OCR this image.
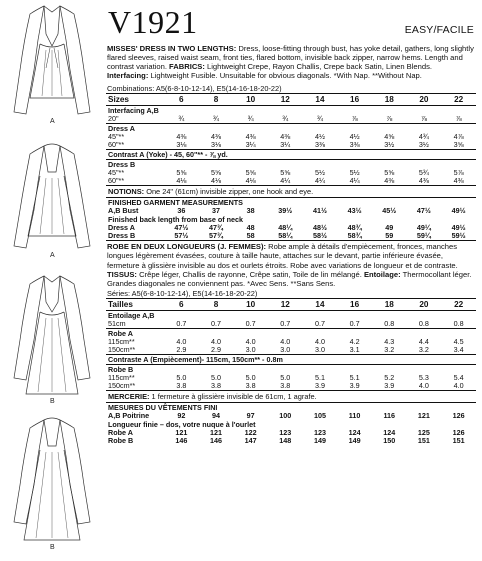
A
A
B
B
V1921	EASY/FACILE
MISSES' DRESS IN TWO LENGTHS: Dress, loose-fitting through bust, has yoke detail, gathers, long slightly flared sleeves, raised waist seam, front ties, flared bottom, invisible back zipper, narrow hems. Length and contrast variation. FABRICS: Lightweight Crepe, Rayon Challis, Crepe back Satin, Linen Blends. Interfacing: Lightweight Fusible. Unsuitable for obvious diagonals. *With Nap. **Without Nap.
Combinations: A5(6-8-10-12-14), E5(14-16-18-20-22)
Sizes	6	8	10	12	14	16	18	20	22
Interfacing A,B									
20"	¾	¾	¾	¾	¾	⅞	⅞	⅞	⅞
Dress A									
45"**	4⅜	4⅜	4⅜	4⅜	4½	4½	4⅝	4¾	4⅞
60"**	3⅛	3⅛	3¼	3¼	3⅜	3⅜	3½	3½	3⅝
Contrast A (Yoke) - 45, 60"** - ⅞ yd.									
Dress B									
45"**	5⅝	5⅝	5⅝	5⅝	5½	5½	5⅝	5¾	5⅞
60"**	4⅛	4⅛	4⅛	4¼	4¼	4¼	4⅜	4⅜	4⅜
NOTIONS: One 24" (61cm) invisible zipper, one hook and eye.
FINISHED GARMENT MEASUREMENTS									
A,B Bust	36	37	38	39½	41½	43½	45½	47½	49½
Finished back length from base of neck									
Dress A	47½	47¾	48	48¼	48½	48¾	49	49¼	49½
Dress B	57½	57¾	58	58¼	58½	58¾	59	59¼	59½
ROBE EN DEUX LONGUEURS (J. FEMMES): Robe ample à détails d'empiècement, fronces, manches longues légèrement évasées, couture à taille haute, attaches sur le devant, partie inférieure évasée, fermeture à glissière invisible au dos et ourlets étroits. Robe avec variations de longueur et de contraste. TISSUS: Crêpe léger, Challis de rayonne, Crêpe satin, Toile de lin mélangé. Entoilage: Thermocollant léger. Grandes diagonales ne conviennent pas. *Avec Sens. **Sans Sens.
Séries: A5(6-8-10-12-14), E5(14-16-18-20-22)
Tailles	6	8	10	12	14	16	18	20	22
Entoilage A,B									
51cm	0.7	0.7	0.7	0.7	0.7	0.7	0.8	0.8	0.8
Robe A									
115cm**	4.0	4.0	4.0	4.0	4.0	4.2	4.3	4.4	4.5
150cm**	2.9	2.9	3.0	3.0	3.0	3.1	3.2	3.2	3.4
Contraste A (Empiècement)- 115cm, 150cm** - 0.8m									
Robe B									
115cm**	5.0	5.0	5.0	5.0	5.1	5.1	5.2	5.3	5.4
150cm**	3.8	3.8	3.8	3.8	3.9	3.9	3.9	4.0	4.0
MERCERIE: 1 fermeture à glissière invisible de 61cm, 1 agrafe.
MESURES DU VÊTEMENTS FINI									
A,B Poitrine	92	94	97	100	105	110	116	121	126
Longueur finie – dos, votre nuque à l'ourlet									
Robe A	121	121	122	123	123	124	124	125	126
Robe B	146	146	147	148	149	149	150	151	151
